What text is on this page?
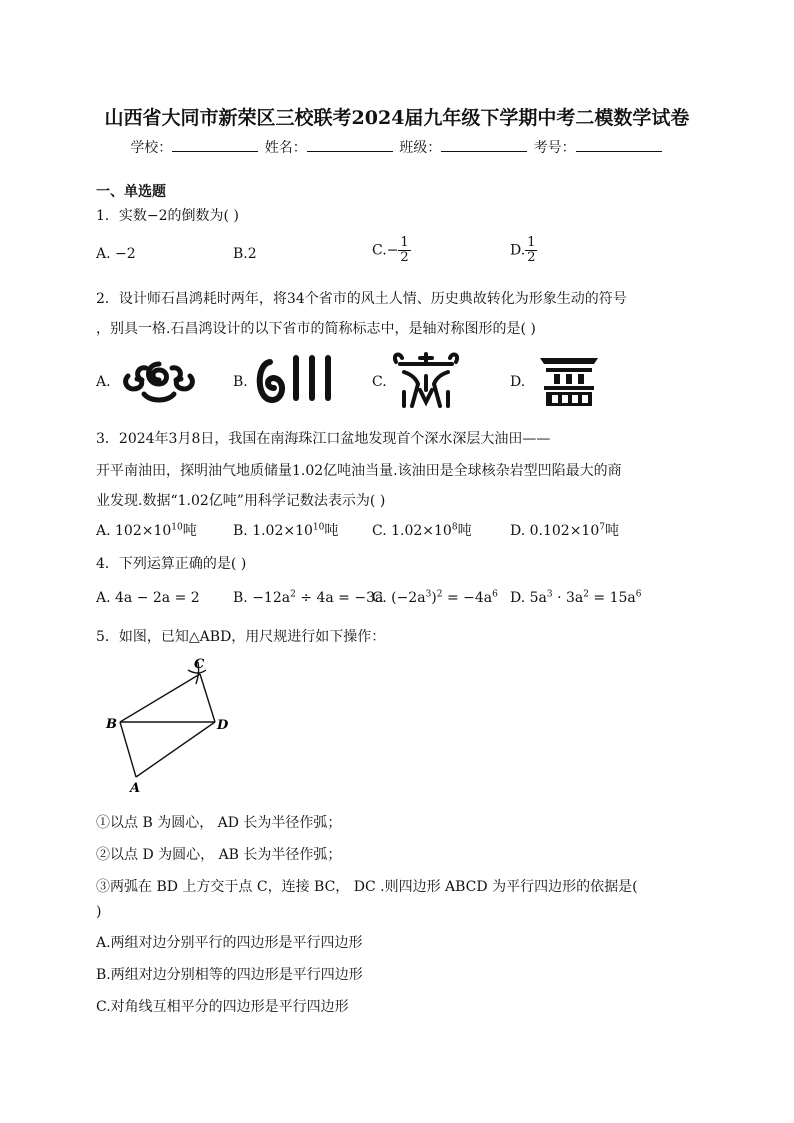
山西省大同市新荣区三校联考2024届九年级下学期中考二模数学试卷
学校：	姓名：	班级：	考号：
一、单选题
1．实数−2的倒数为( )
A. −2	B.2	$C.- \frac{1}{2}$	D. $\frac{1}{2}$
2．设计师石昌鸿耗时两年，将34个省市的风土人情、历史典故转化为形象生动的符号
，别具一格.石昌鸿设计的以下省市的简称标志中，是轴对称图形的是( )
A.	B.	C.	D.
3．2024年3月8日，我国在南海珠江口盆地发现首个深水深层大油田——
开平南油田，探明油气地质储量1.02亿吨油当量.该油田是全球核杂岩型凹陷最大的商
业发现.数据“1.02亿吨”用科学记数法表示为( )
A. $102\times 10^{10}$吨	B. $1.02\times 10^{10}$吨 C. $1.02\times 10^8$吨	D. $0.102\times 10^7$吨
4．下列运算正确的是( )
A. 4a − 2a = 2 B. $-12a^2 \div 4a = -3a$
C. $(-2a^3)^2 = -4a^6$ D. $5a^3 \cdot 3a^2 = 15a^6$
5．如图，已知△ABD，用尺规进行如下操作：
C
B	D
A
①以点 B 为圆心， AD 长为半径作弧；
②以点 D 为圆心， AB 长为半径作弧；
③两弧在 BD 上方交于点 C，连接 BC， DC .则四边形 ABCD 为平行四边形的依据是(
)
A.两组对边分别平行的四边形是平行四边形
B.两组对边分别相等的四边形是平行四边形
C.对角线互相平分的四边形是平行四边形
